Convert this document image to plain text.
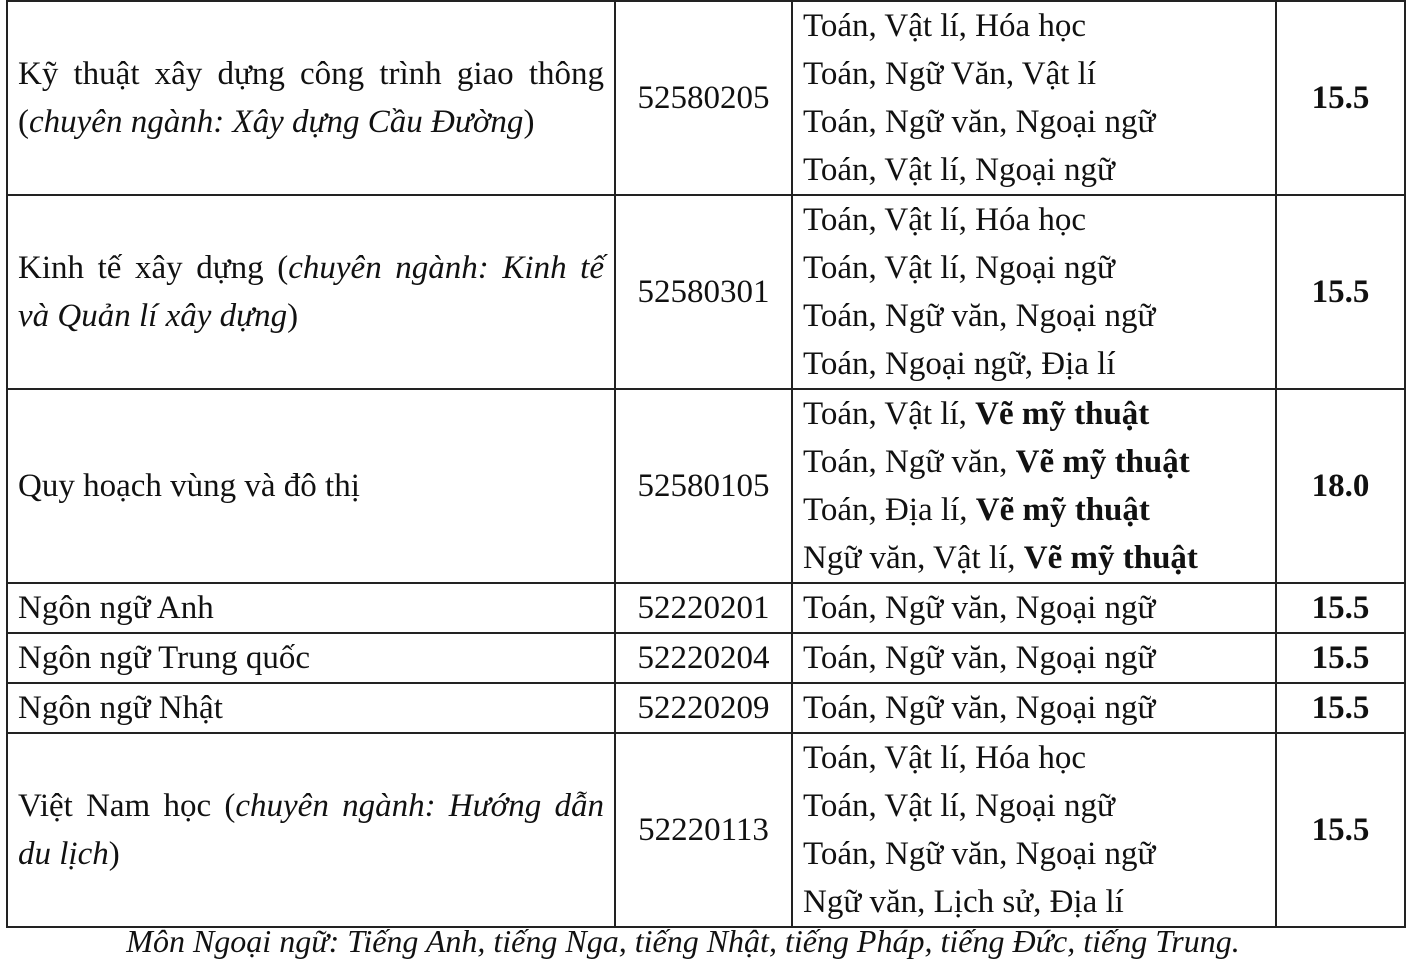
Kỹ thuật xây dựng công trình giao thông (chuyên ngành: Xây dựng Cầu Đường)	52580205	Toán, Vật lí, Hóa học
Toán, Ngữ Văn, Vật lí
Toán, Ngữ văn, Ngoại ngữ
Toán, Vật lí, Ngoại ngữ	15.5
Kinh tế xây dựng (chuyên ngành: Kinh tế và Quản lí xây dựng)	52580301	Toán, Vật lí, Hóa học
Toán, Vật lí, Ngoại ngữ
Toán, Ngữ văn, Ngoại ngữ
Toán, Ngoại ngữ, Địa lí	15.5
Quy hoạch vùng và đô thị	52580105	Toán, Vật lí, Vẽ mỹ thuật
Toán, Ngữ văn, Vẽ mỹ thuật
Toán, Địa lí, Vẽ mỹ thuật
Ngữ văn, Vật lí, Vẽ mỹ thuật	18.0
Ngôn ngữ Anh	52220201	Toán, Ngữ văn, Ngoại ngữ	15.5
Ngôn ngữ Trung quốc	52220204	Toán, Ngữ văn, Ngoại ngữ	15.5
Ngôn ngữ Nhật	52220209	Toán, Ngữ văn, Ngoại ngữ	15.5
Việt Nam học (chuyên ngành: Hướng dẫn du lịch)	52220113	Toán, Vật lí, Hóa học
Toán, Vật lí, Ngoại ngữ
Toán, Ngữ văn, Ngoại ngữ
Ngữ văn, Lịch sử, Địa lí	15.5
Môn Ngoại ngữ: Tiếng Anh, tiếng Nga, tiếng Nhật, tiếng Pháp, tiếng Đức, tiếng Trung.
